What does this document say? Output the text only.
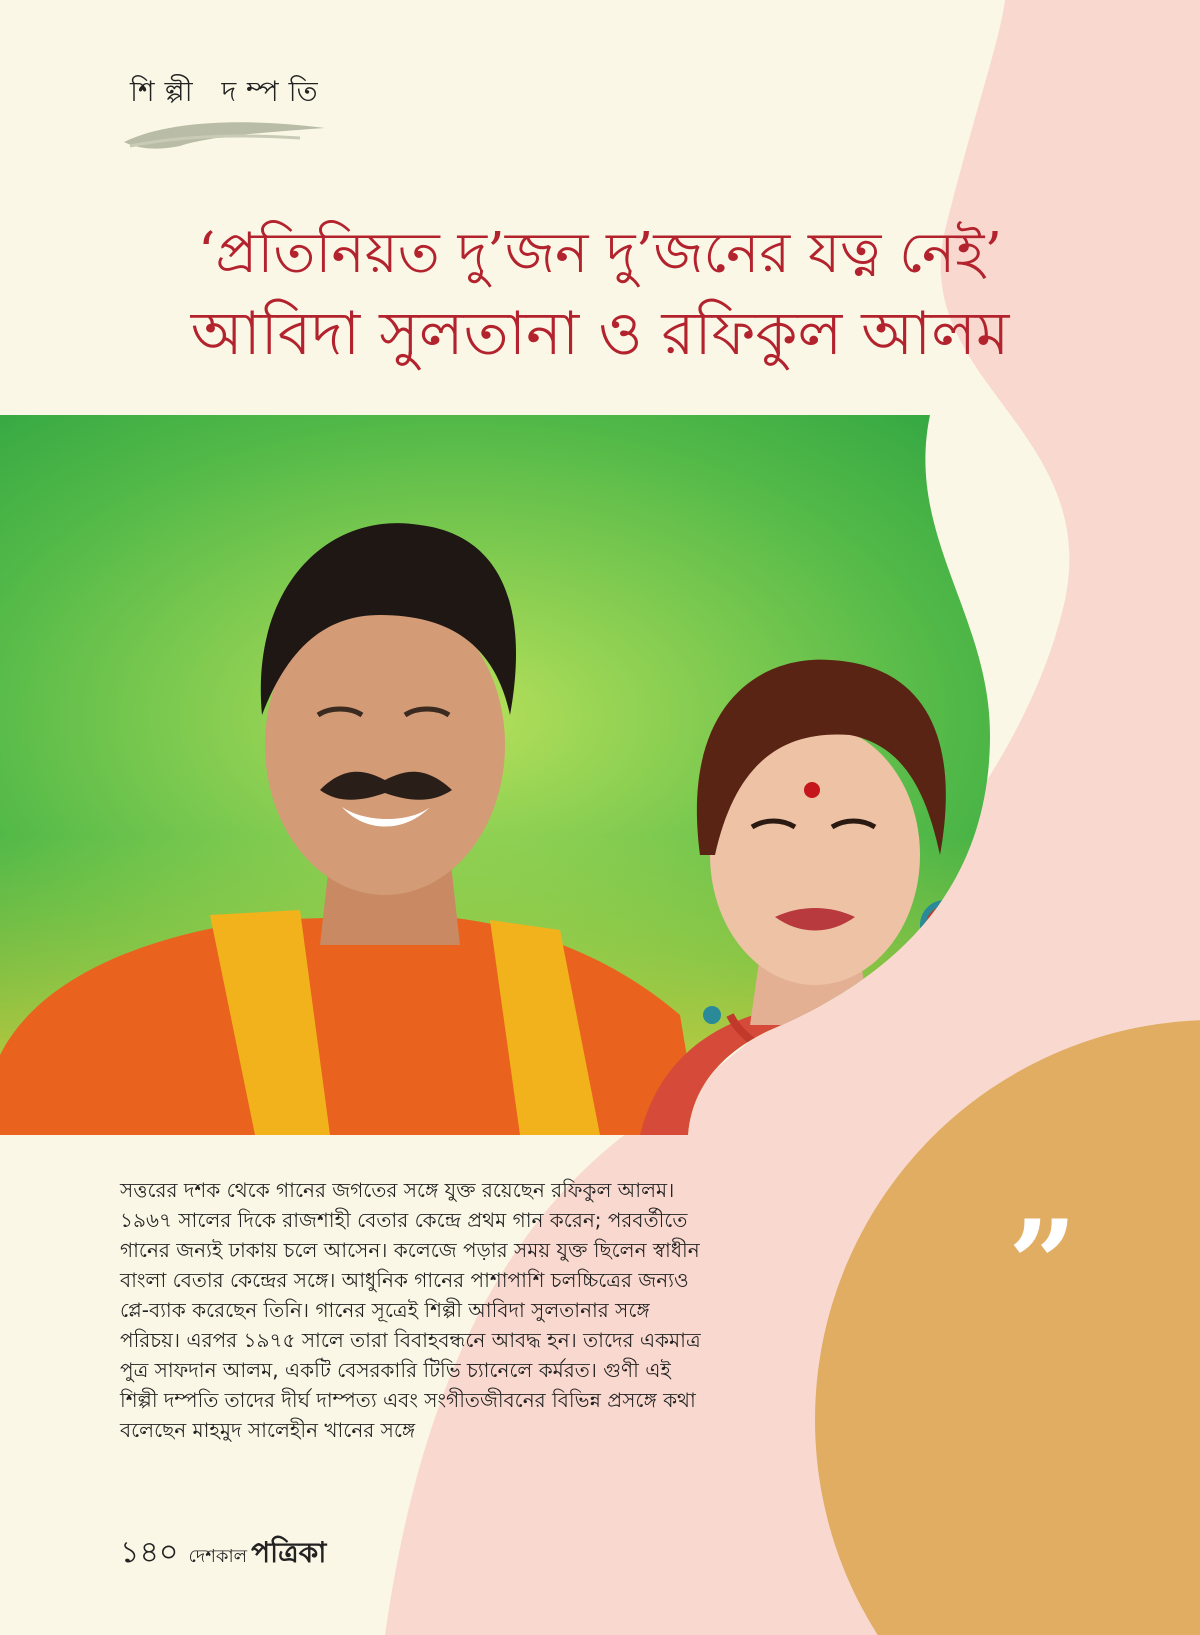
শিল্পী দম্পতি
‘প্রতিনিয়ত দু’জন দু’জনের যত্ন নেই’
আবিদা সুলতানা ও রফিকুল আলম
”
সত্তরের দশক থেকে গানের জগতের সঙ্গে যুক্ত রয়েছেন রফিকুল আলম।
১৯৬৭ সালের দিকে রাজশাহী বেতার কেন্দ্রে প্রথম গান করেন; পরবর্তীতে
গানের জন্যই ঢাকায় চলে আসেন। কলেজে পড়ার সময় যুক্ত ছিলেন স্বাধীন
বাংলা বেতার কেন্দ্রের সঙ্গে। আধুনিক গানের পাশাপাশি চলচ্চিত্রের জন্যও
প্লে-ব্যাক করেছেন তিনি। গানের সূত্রেই শিল্পী আবিদা সুলতানার সঙ্গে
পরিচয়। এরপর ১৯৭৫ সালে তারা বিবাহবন্ধনে আবদ্ধ হন। তাদের একমাত্র
পুত্র সাফদান আলম, একটি বেসরকারি টিভি চ্যানেলে কর্মরত। গুণী এই
শিল্পী দম্পতি তাদের দীর্ঘ দাম্পত্য এবং সংগীতজীবনের বিভিন্ন প্রসঙ্গে কথা
বলেছেন মাহমুদ সালেহীন খানের সঙ্গে
১৪০ দেশকাল পত্রিকা
